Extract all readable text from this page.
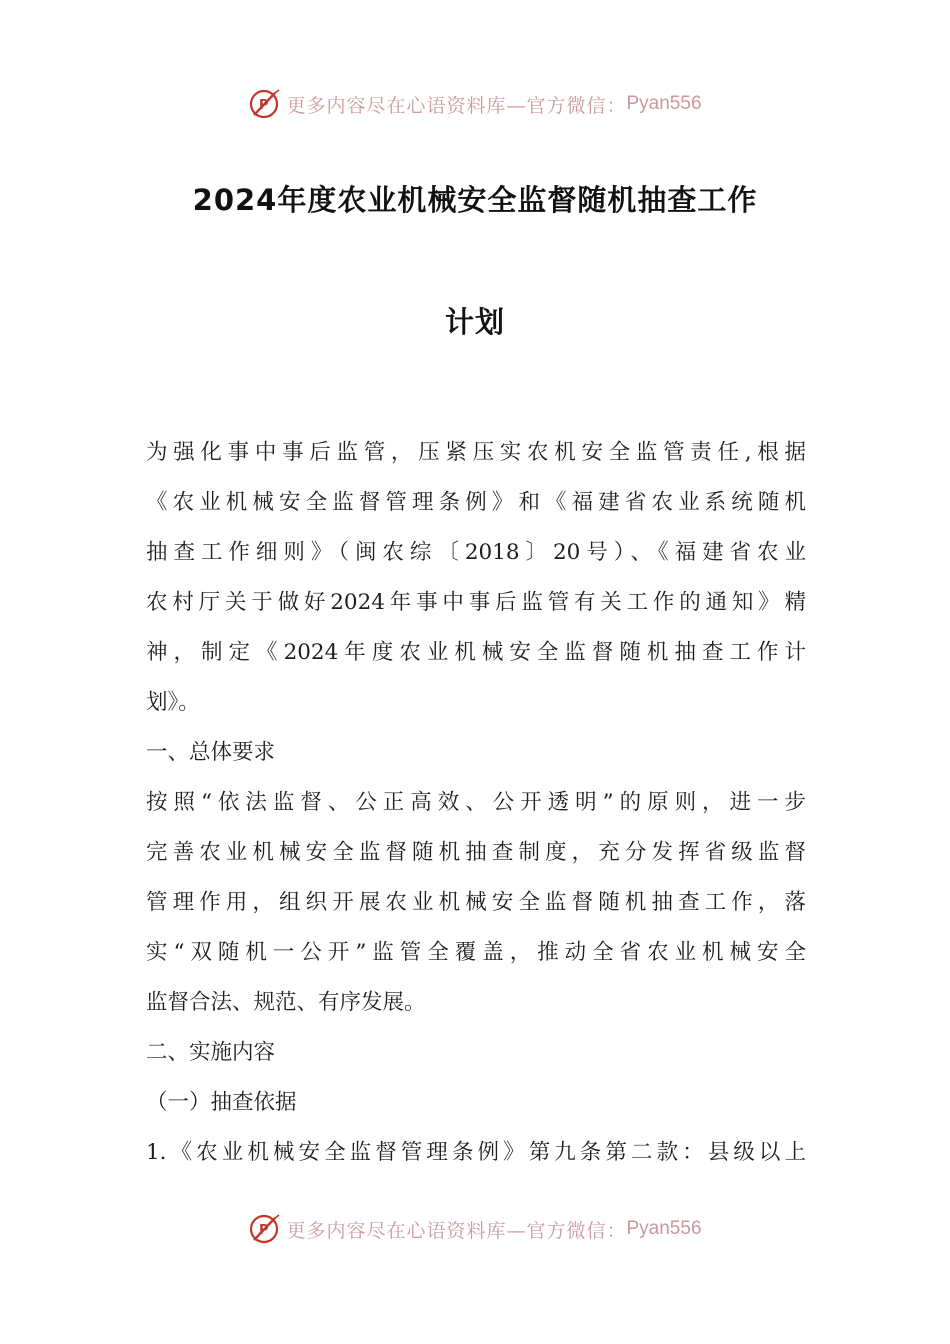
P 更多内容尽在心语资料库—官方微信： Pyan556
2024年度农业机械安全监督随机抽查工作
计划
为强化事中事后监管，压紧压实农机安全监管责任,根据
《农业机械安全监督管理条例》和《福建省农业系统随机
抽查工作细则》（闽农综〔2018〕20号）、《福建省农业
农村厅关于做好2024年事中事后监管有关工作的通知》精
神，制定《2024年度农业机械安全监督随机抽查工作计
划》。
一、总体要求
按照“依法监督、公正高效、公开透明”的原则，进一步
完善农业机械安全监督随机抽查制度，充分发挥省级监督
管理作用，组织开展农业机械安全监督随机抽查工作，落
实“双随机一公开”监管全覆盖，推动全省农业机械安全
监督合法、规范、有序发展。
二、实施内容
（一）抽查依据
1.《农业机械安全监督管理条例》第九条第二款：县级以上
P 更多内容尽在心语资料库—官方微信： Pyan556
